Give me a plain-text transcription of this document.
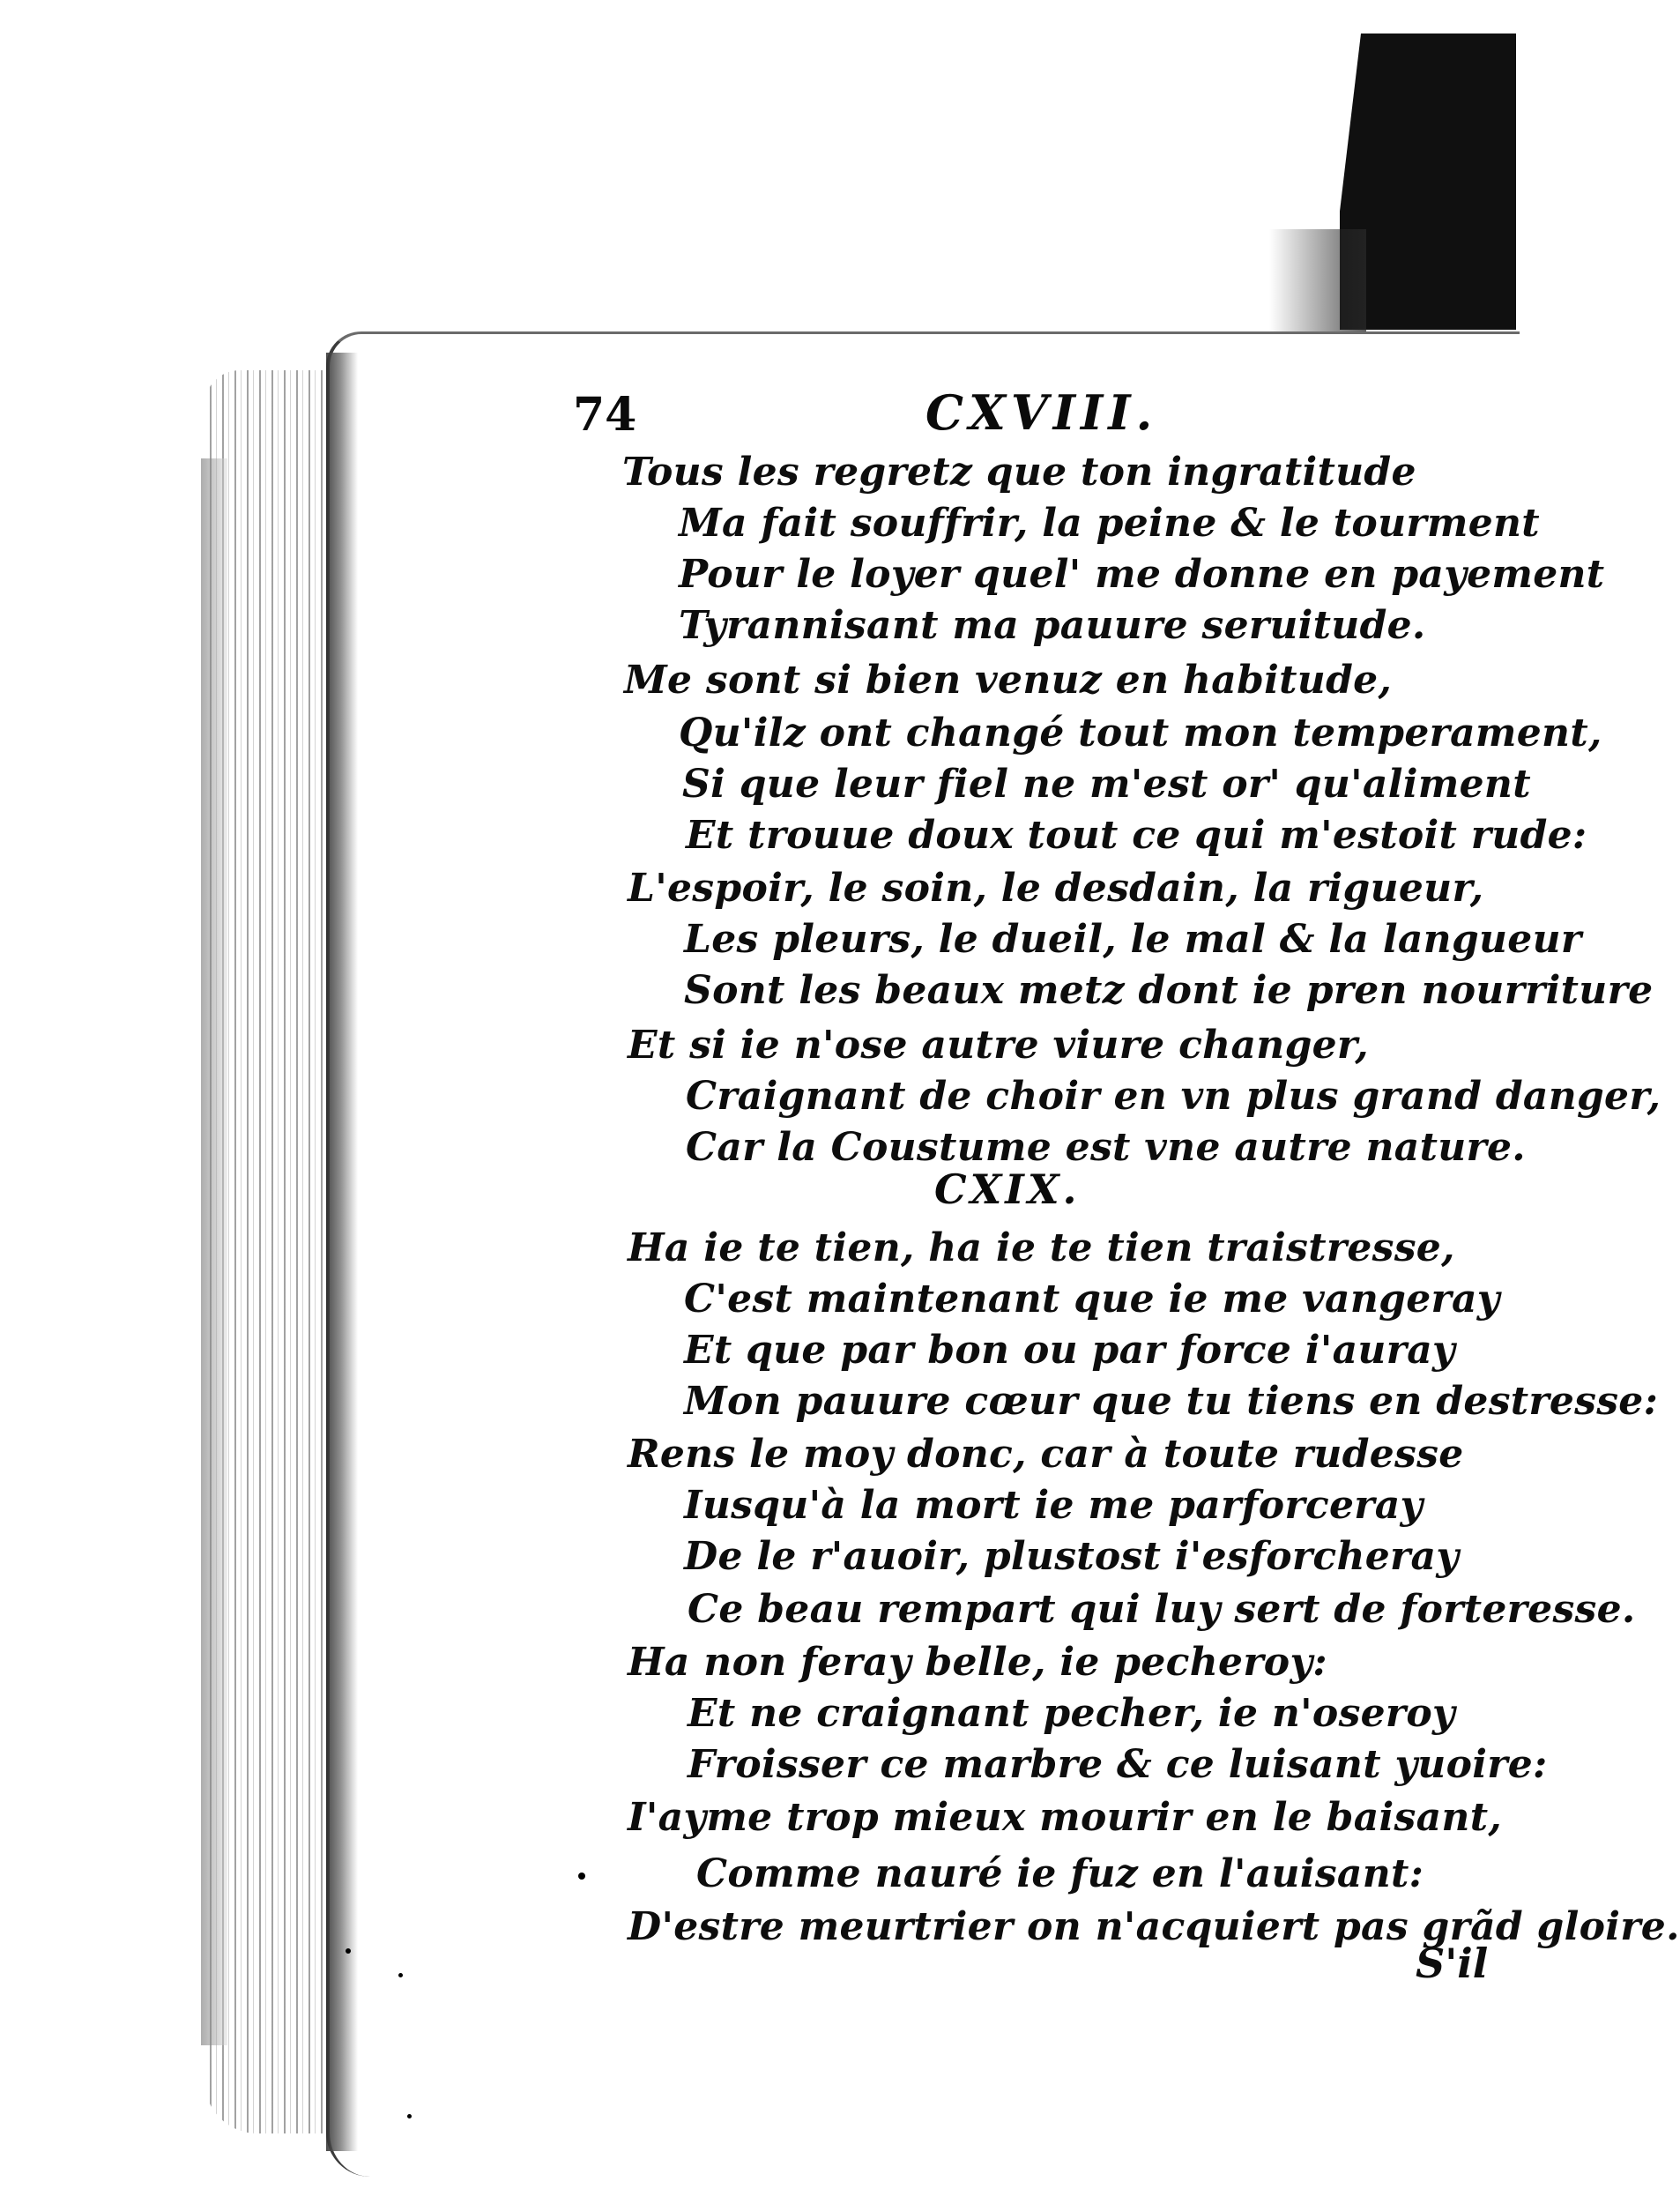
74	CXVIII.
Tous les regretz que ton ingratitude
Ma fait souffrir, la peine & le tourment
Pour le loyer quel' me donne en payement
Tyrannisant ma pauure seruitude.
Me sont si bien venuz en habitude,
Qu'ilz ont changé tout mon temperament,
Si que leur fiel ne m'est or' qu'aliment
Et trouue doux tout ce qui m'estoit rude:
L'espoir, le soin, le desdain, la rigueur,
Les pleurs, le dueil, le mal & la langueur
Sont les beaux metz dont ie pren nourriture
Et si ie n'ose autre viure changer,
Craignant de choir en vn plus grand danger,
Car la Coustume est vne autre nature.
CXIX.
Ha ie te tien, ha ie te tien traistresse,
C'est maintenant que ie me vangeray
Et que par bon ou par force i'auray
Mon pauure cœur que tu tiens en destresse:
Rens le moy donc, car à toute rudesse
Iusqu'à la mort ie me parforceray
De le r'auoir, plustost i'esforcheray
Ce beau rempart qui luy sert de forteresse.
Ha non feray belle, ie pecheroy:
Et ne craignant pecher, ie n'oseroy
Froisser ce marbre & ce luisant yuoire:
I'ayme trop mieux mourir en le baisant,
Comme nauré ie fuz en l'auisant:
D'estre meurtrier on n'acquiert pas grãd gloire.
S'il
